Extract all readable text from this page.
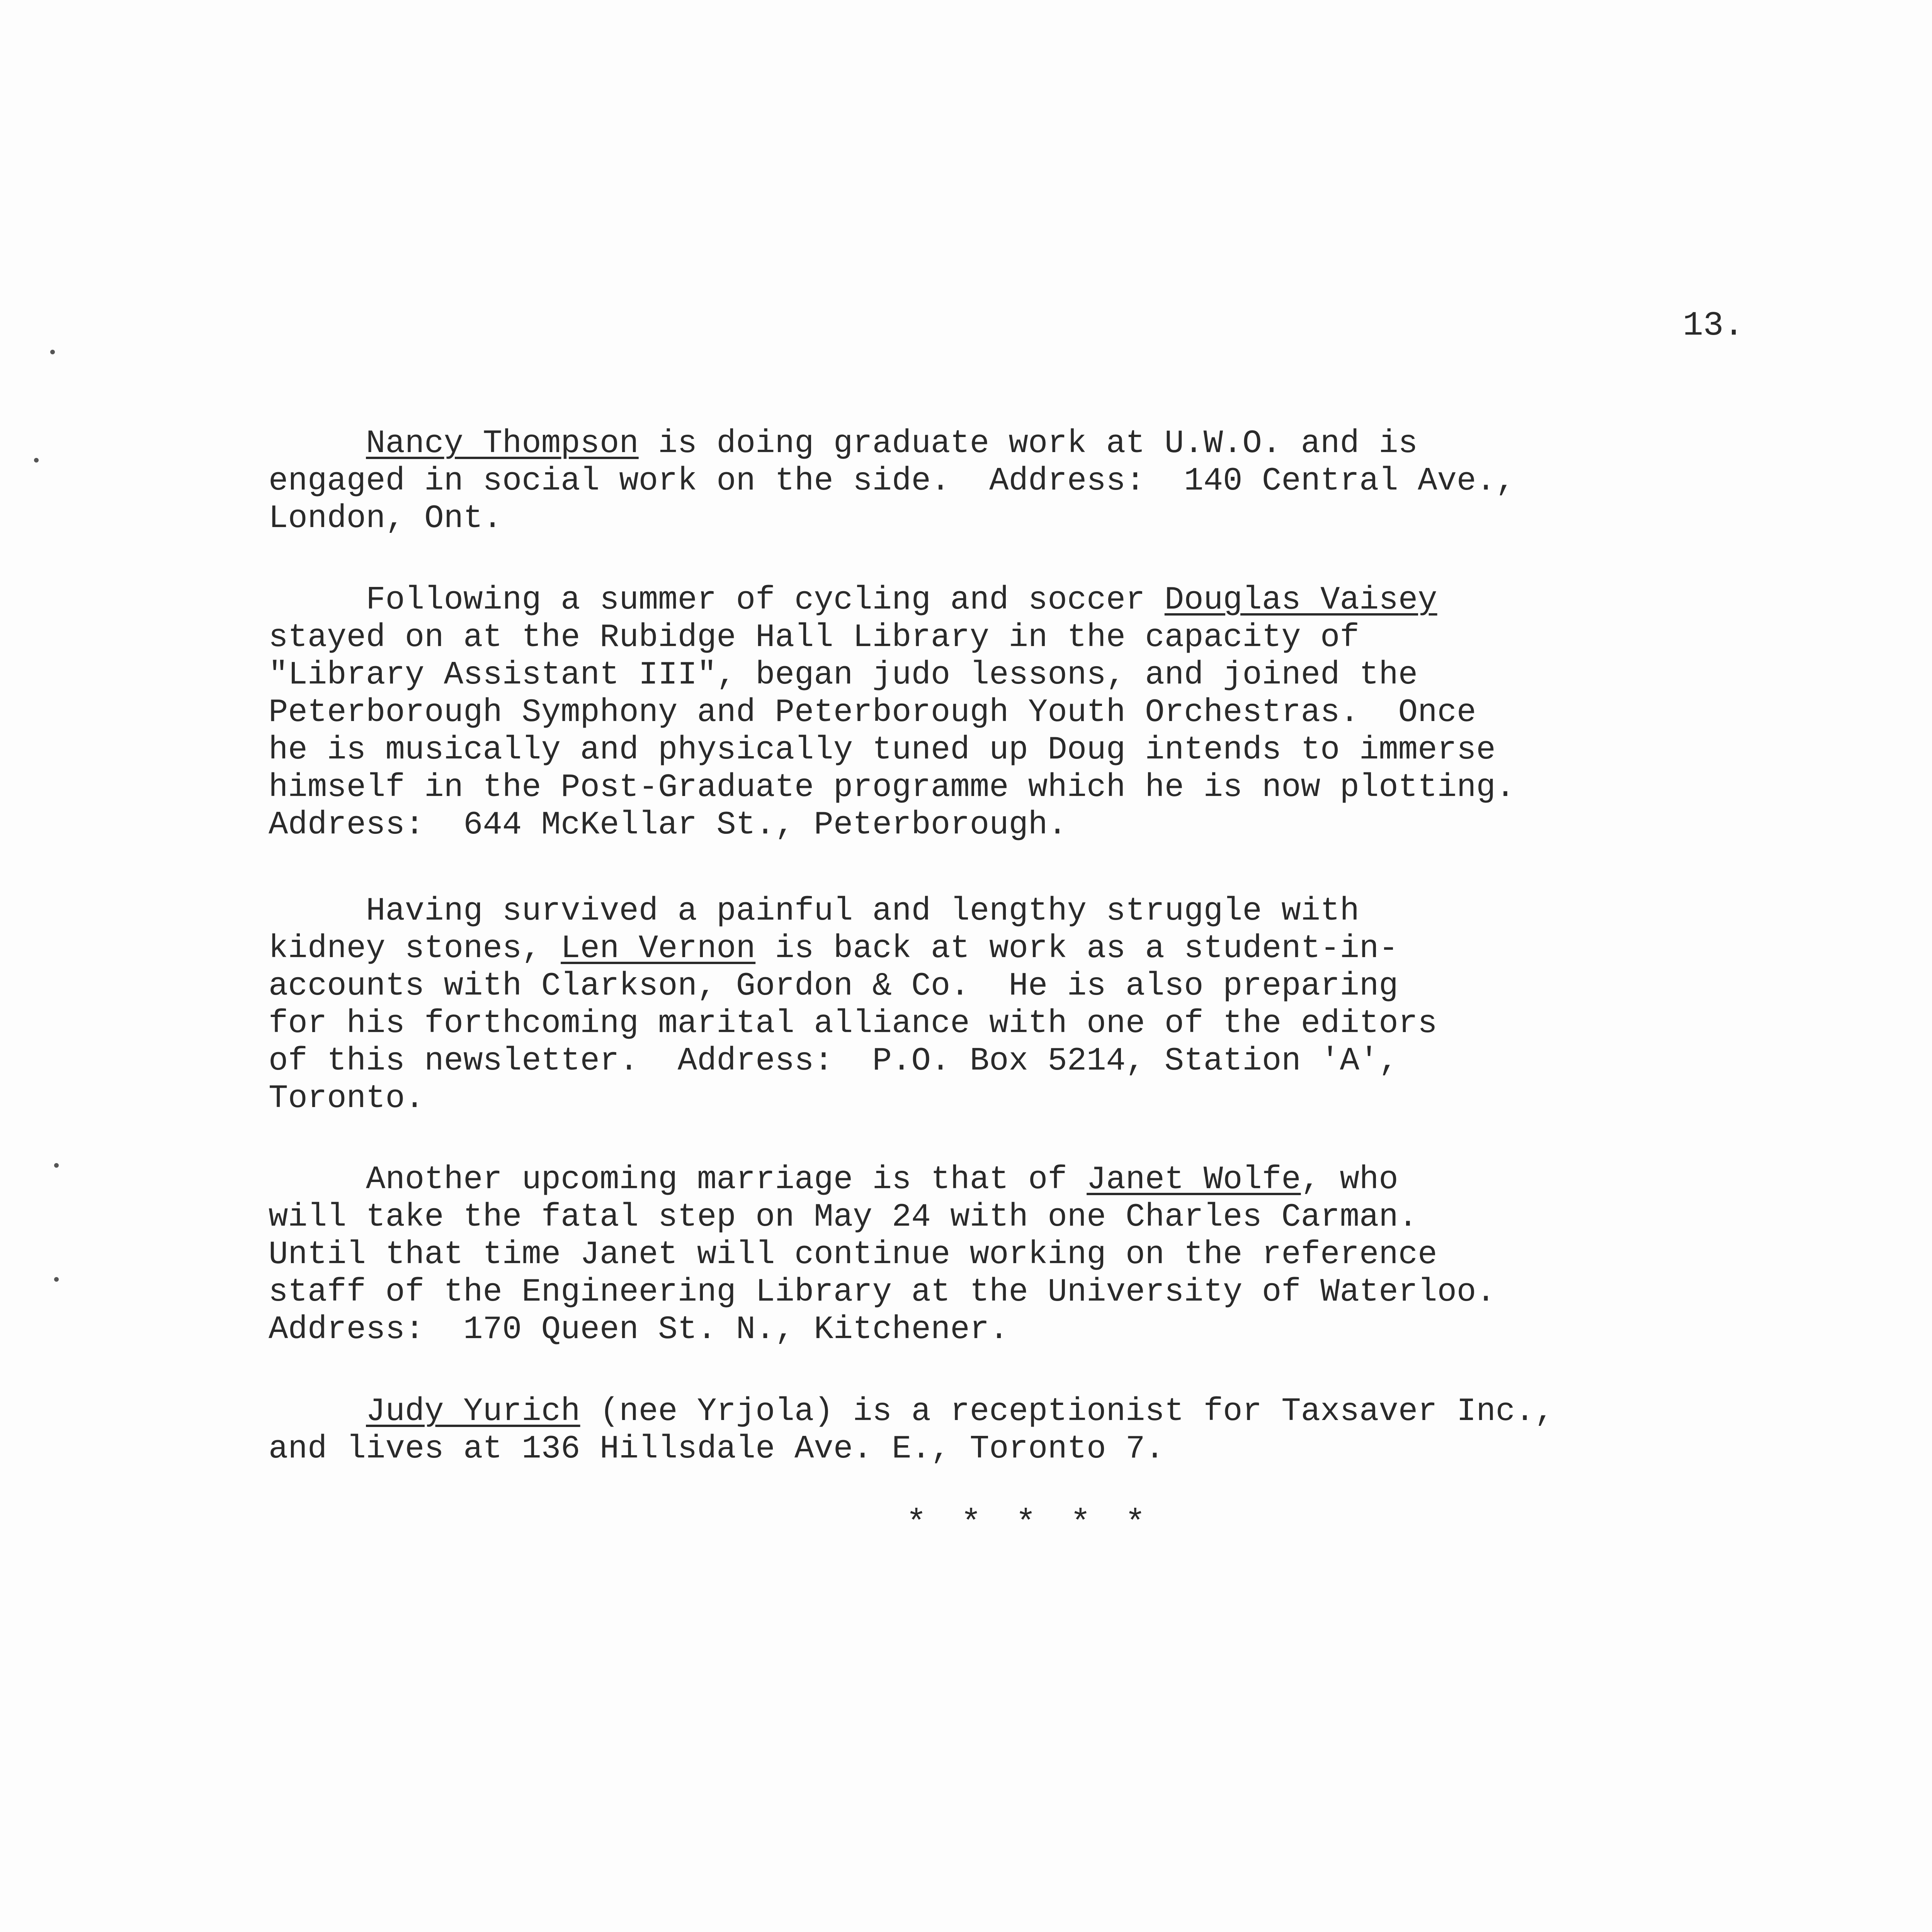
13.
Nancy Thompson is doing graduate work at U.W.O. and is
engaged in social work on the side.  Address:  140 Central Ave.,
London, Ont.
Following a summer of cycling and soccer Douglas Vaisey
stayed on at the Rubidge Hall Library in the capacity of
"Library Assistant III", began judo lessons, and joined the
Peterborough Symphony and Peterborough Youth Orchestras.  Once
he is musically and physically tuned up Doug intends to immerse
himself in the Post-Graduate programme which he is now plotting.
Address:  644 McKellar St., Peterborough.
Having survived a painful and lengthy struggle with
kidney stones, Len Vernon is back at work as a student-in-
accounts with Clarkson, Gordon & Co.  He is also preparing
for his forthcoming marital alliance with one of the editors
of this newsletter.  Address:  P.O. Box 5214, Station 'A',
Toronto.
Another upcoming marriage is that of Janet Wolfe, who
will take the fatal step on May 24 with one Charles Carman.
Until that time Janet will continue working on the reference
staff of the Engineering Library at the University of Waterloo.
Address:  170 Queen St. N., Kitchener.
Judy Yurich (nee Yrjola) is a receptionist for Taxsaver Inc.,
and lives at 136 Hillsdale Ave. E., Toronto 7.
* * * * *
